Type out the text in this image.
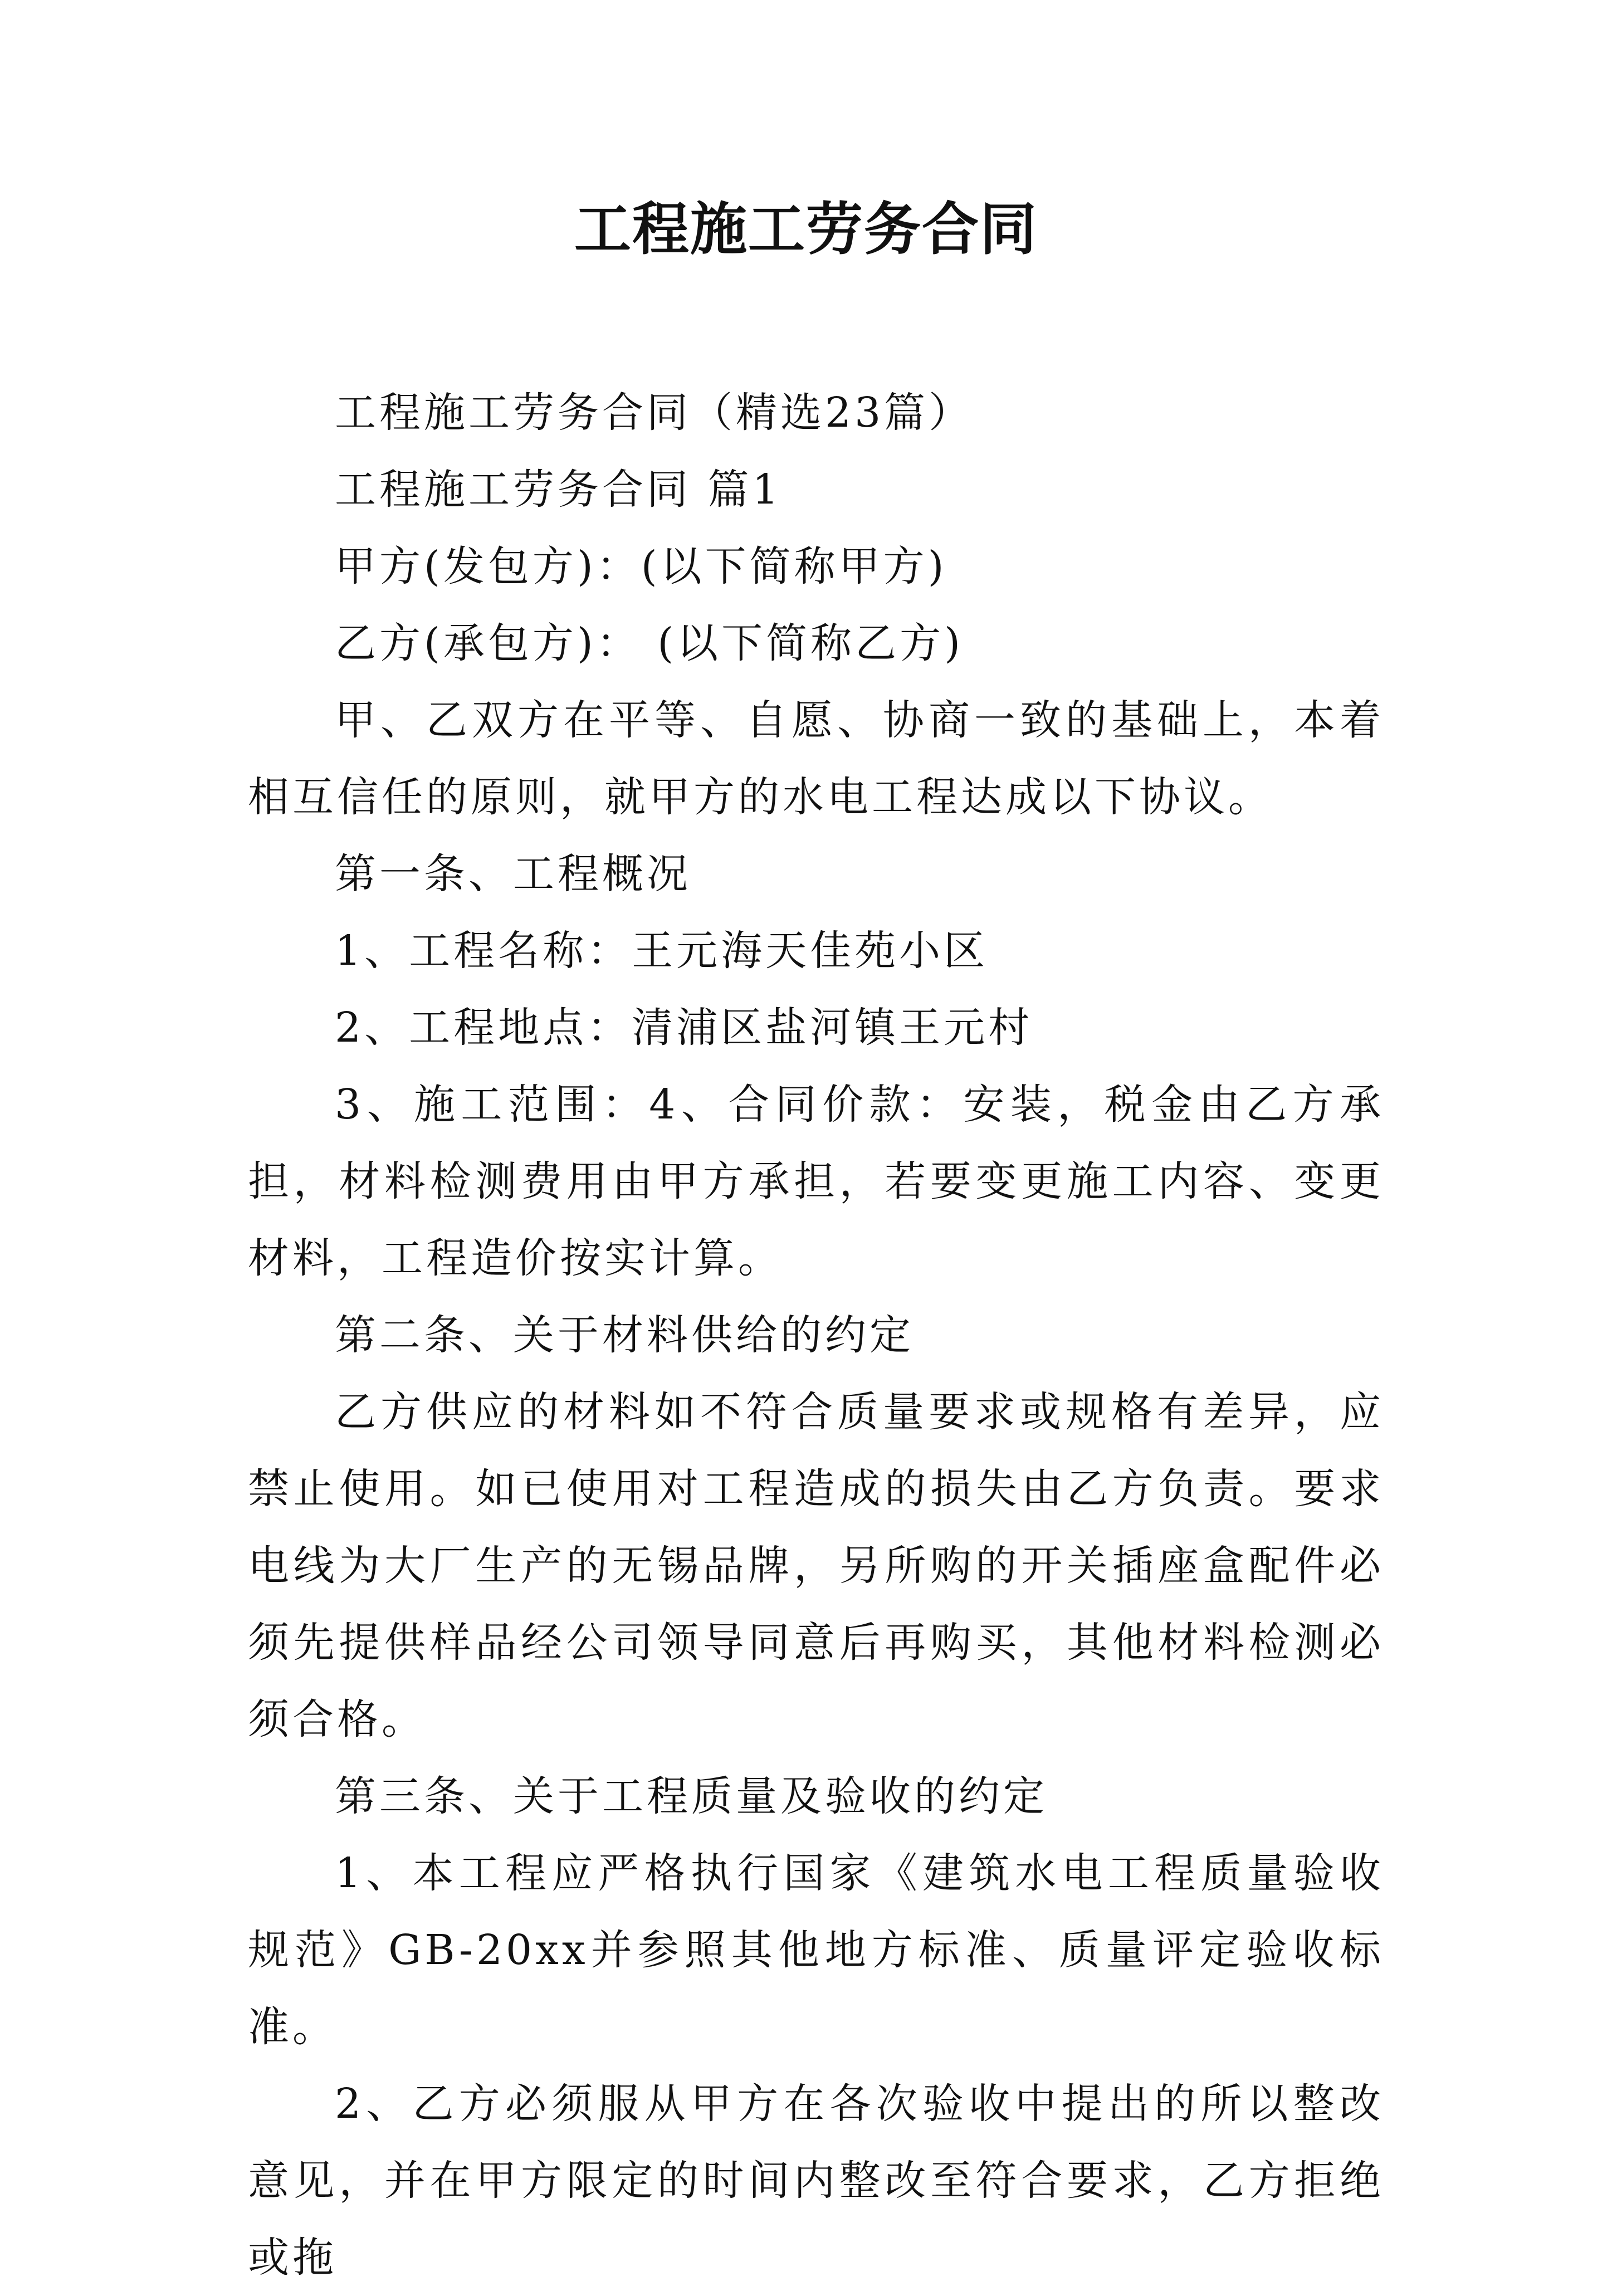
工程施工劳务合同

工程施工劳务合同（精选23篇）

工程施工劳务合同 篇1

甲方(发包方)：(以下简称甲方)

乙方(承包方)： (以下简称乙方)

甲、乙双方在平等、自愿、协商一致的基础上，本着相互信任的原则，就甲方的水电工程达成以下协议。

第一条、工程概况

1、工程名称：王元海天佳苑小区

2、工程地点：清浦区盐河镇王元村

3、施工范围：4、合同价款：安装，税金由乙方承担，材料检测费用由甲方承担，若要变更施工内容、变更材料，工程造价按实计算。

第二条、关于材料供给的约定

乙方供应的材料如不符合质量要求或规格有差异，应禁止使用。如已使用对工程造成的损失由乙方负责。要求电线为大厂生产的无锡品牌，另所购的开关插座盒配件必须先提供样品经公司领导同意后再购买，其他材料检测必须合格。

第三条、关于工程质量及验收的约定

1、本工程应严格执行国家《建筑水电工程质量验收规范》GB-20xx并参照其他地方标准、质量评定验收标准。

2、乙方必须服从甲方在各次验收中提出的所以整改意见，并在甲方限定的时间内整改至符合要求，乙方拒绝或拖
